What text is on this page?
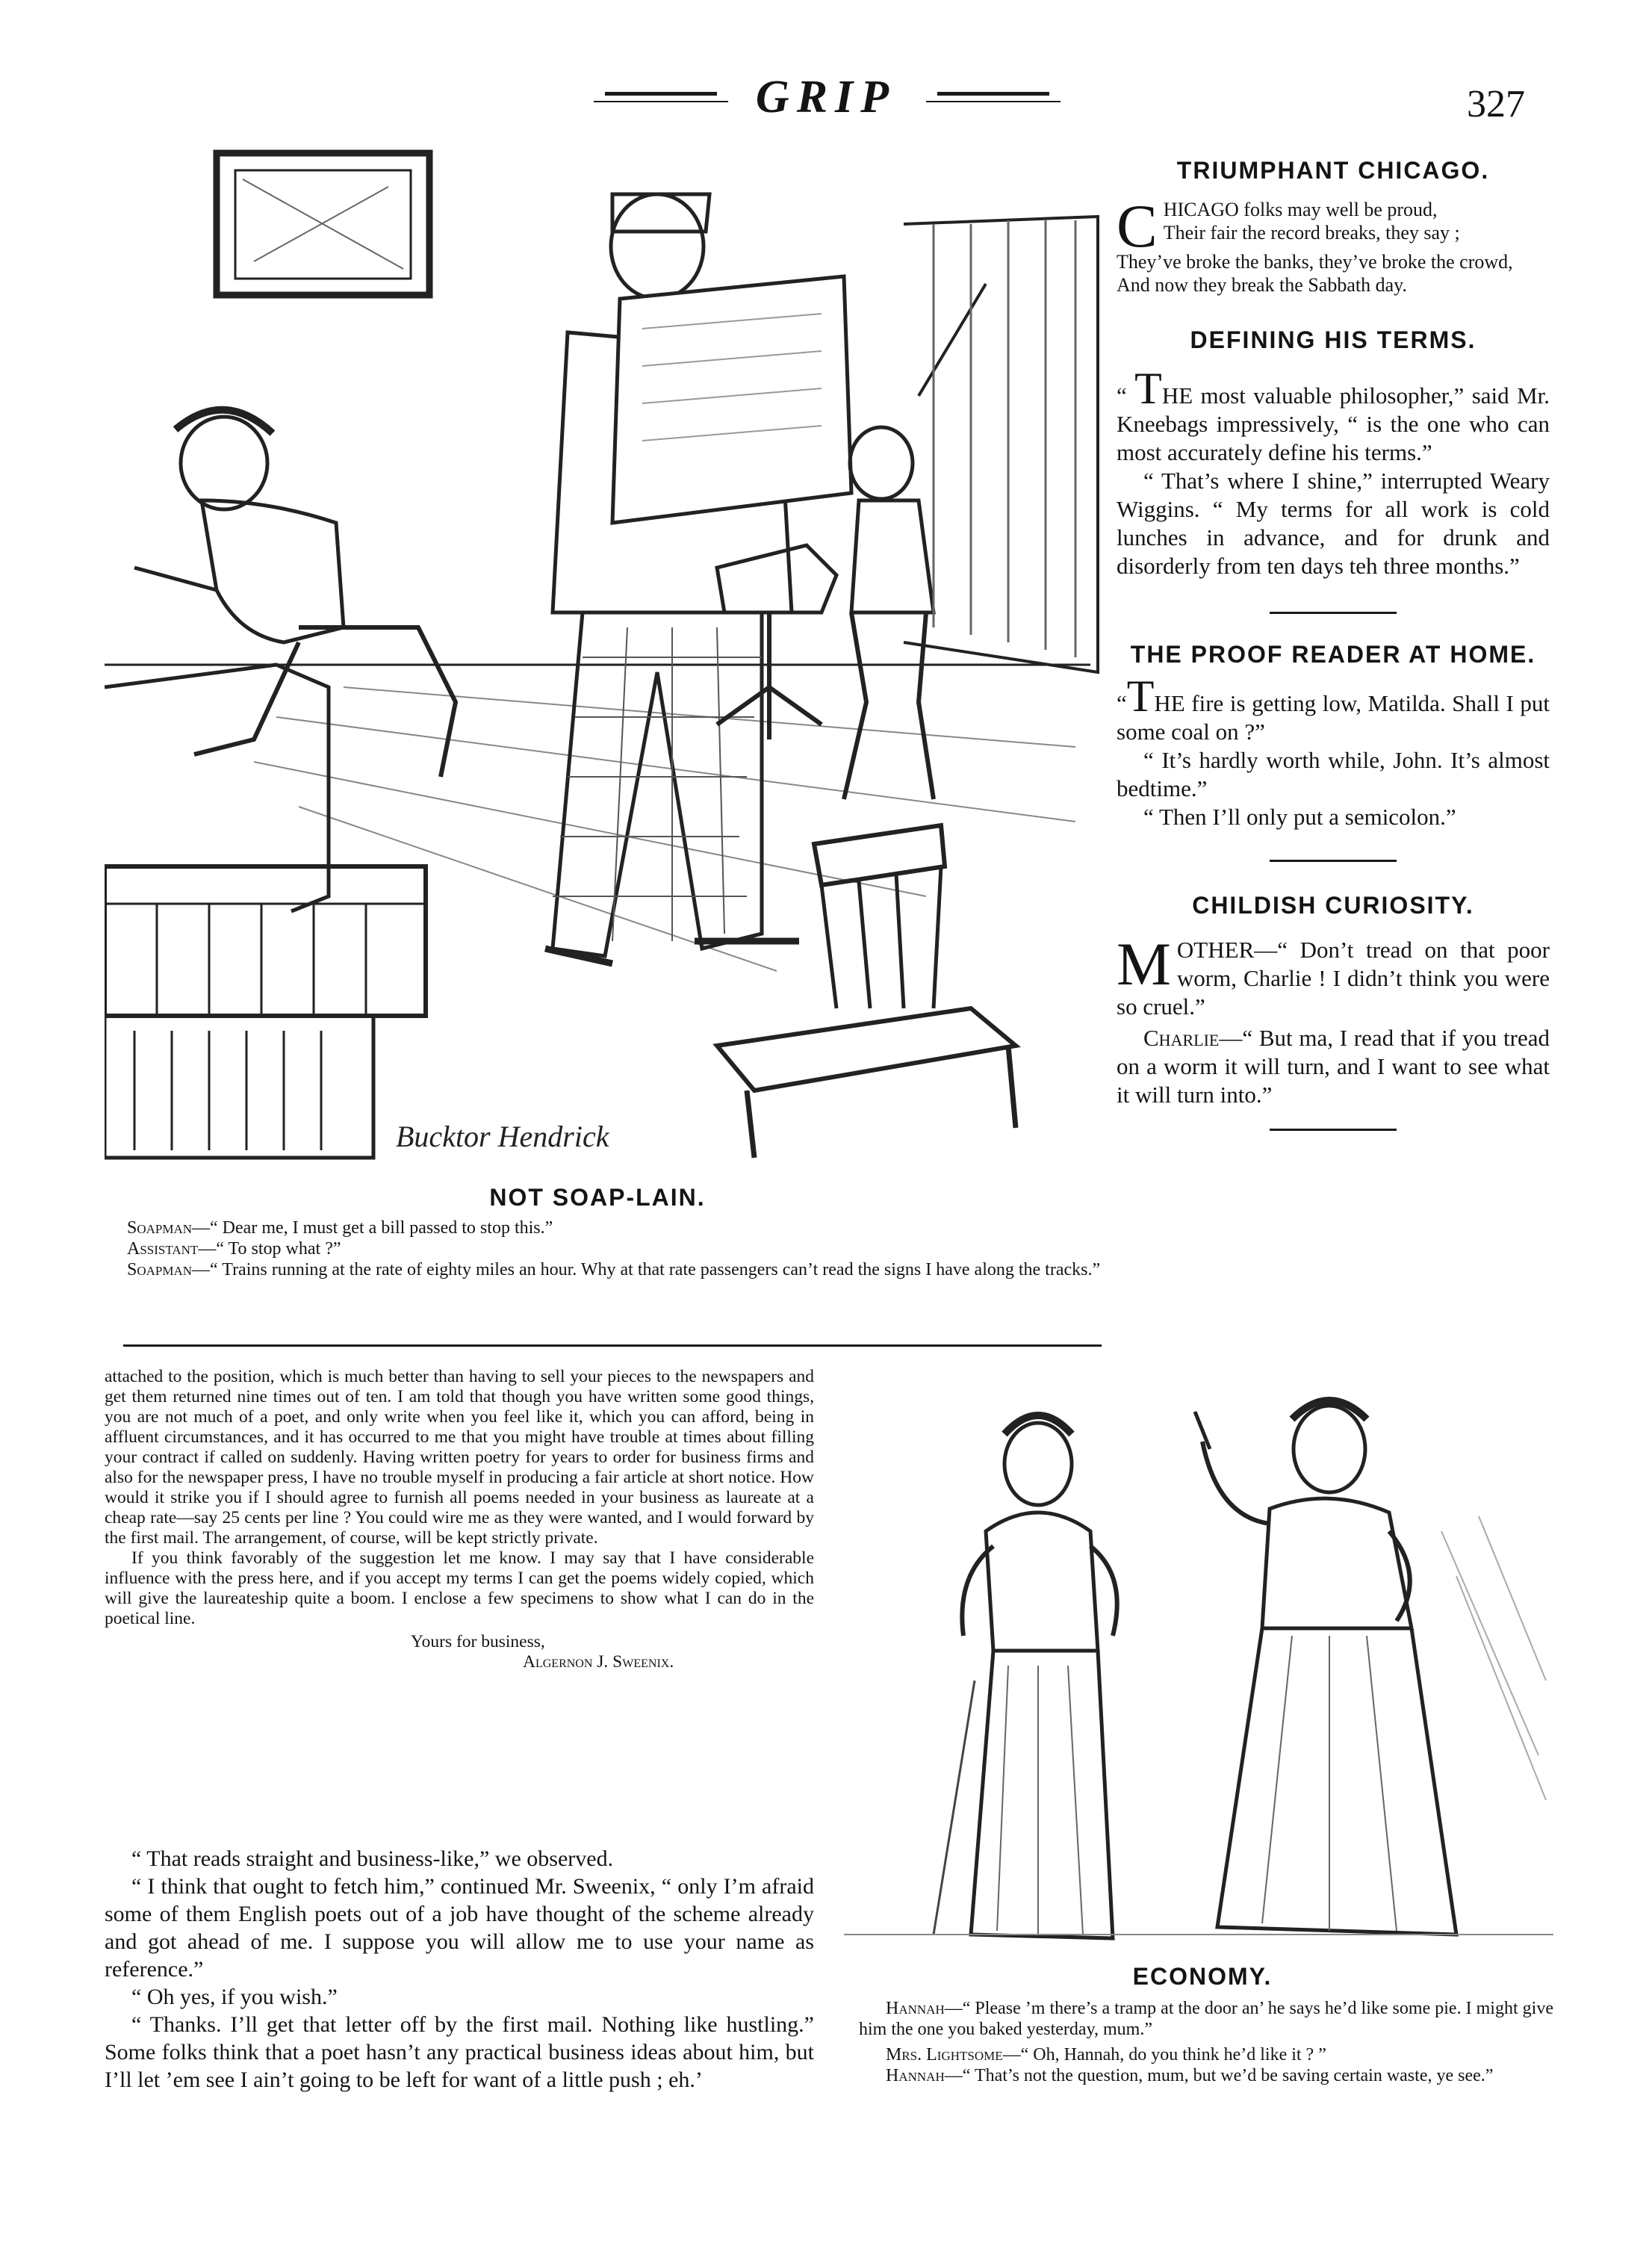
GRIP	327
Bucktor Hendrick
NOT SOAP-LAIN.

Soapman—“ Dear me, I must get a bill passed to stop this.”

Assistant—“ To stop what ?”

Soapman—“ Trains running at the rate of eighty miles an hour. Why at that rate passengers can’t read the signs I have along the tracks.”

TRIUMPHANT CHICAGO.
C HICAGO folks may well be proud,

Their fair the record breaks, they say ;

They’ve broke the banks, they’ve broke the crowd,

And now they break the Sabbath day.

DEFINING HIS TERMS.

“ THE most valuable philosopher,” said Mr. Kneebags impressively, “ is the one who can most accurately define his terms.”

“ That’s where I shine,” interrupted Weary Wiggins. “ My terms for all work is cold lunches in advance, and for drunk and disorderly from ten days teh three months.”

THE PROOF READER AT HOME.

“THE fire is getting low, Matilda. Shall I put some coal on ?”

“ It’s hardly worth while, John. It’s almost bedtime.”

“ Then I’ll only put a semicolon.”

CHILDISH CURIOSITY.

MOTHER—“ Don’t tread on that poor worm, Charlie ! I didn’t think you were so cruel.”

Charlie—“ But ma, I read that if you tread on a worm it will turn, and I want to see what it will turn into.”

attached to the position, which is much better than having to sell your pieces to the newspapers and get them returned nine times out of ten. I am told that though you have written some good things, you are not much of a poet, and only write when you feel like it, which you can afford, being in affluent circumstances, and it has occurred to me that you might have trouble at times about filling your contract if called on suddenly. Having written poetry for years to order for business firms and also for the newspaper press, I have no trouble myself in producing a fair article at short notice. How would it strike you if I should agree to furnish all poems needed in your business as laureate at a cheap rate—say 25 cents per line ? You could wire me as they were wanted, and I would forward by the first mail. The arrangement, of course, will be kept strictly private.

If you think favorably of the suggestion let me know. I may say that I have considerable influence with the press here, and if you accept my terms I can get the poems widely copied, which will give the laureateship quite a boom. I enclose a few specimens to show what I can do in the poetical line.

Yours for business,

Algernon J. Sweenix.

“ That reads straight and business-like,” we observed.

“ I think that ought to fetch him,” continued Mr. Sweenix, “ only I’m afraid some of them English poets out of a job have thought of the scheme already and got ahead of me. I suppose you will allow me to use your name as reference.”

“ Oh yes, if you wish.”

“ Thanks. I’ll get that letter off by the first mail. Nothing like hustling.” Some folks think that a poet hasn’t any practical business ideas about him, but I’ll let ’em see I ain’t going to be left for want of a little push ; eh.’

ECONOMY.

Hannah—“ Please ’m there’s a tramp at the door an’ he says he’d like some pie. I might give him the one you baked yesterday, mum.”

Mrs. Lightsome—“ Oh, Hannah, do you think he’d like it ? ”

Hannah—“ That’s not the question, mum, but we’d be saving certain waste, ye see.”
